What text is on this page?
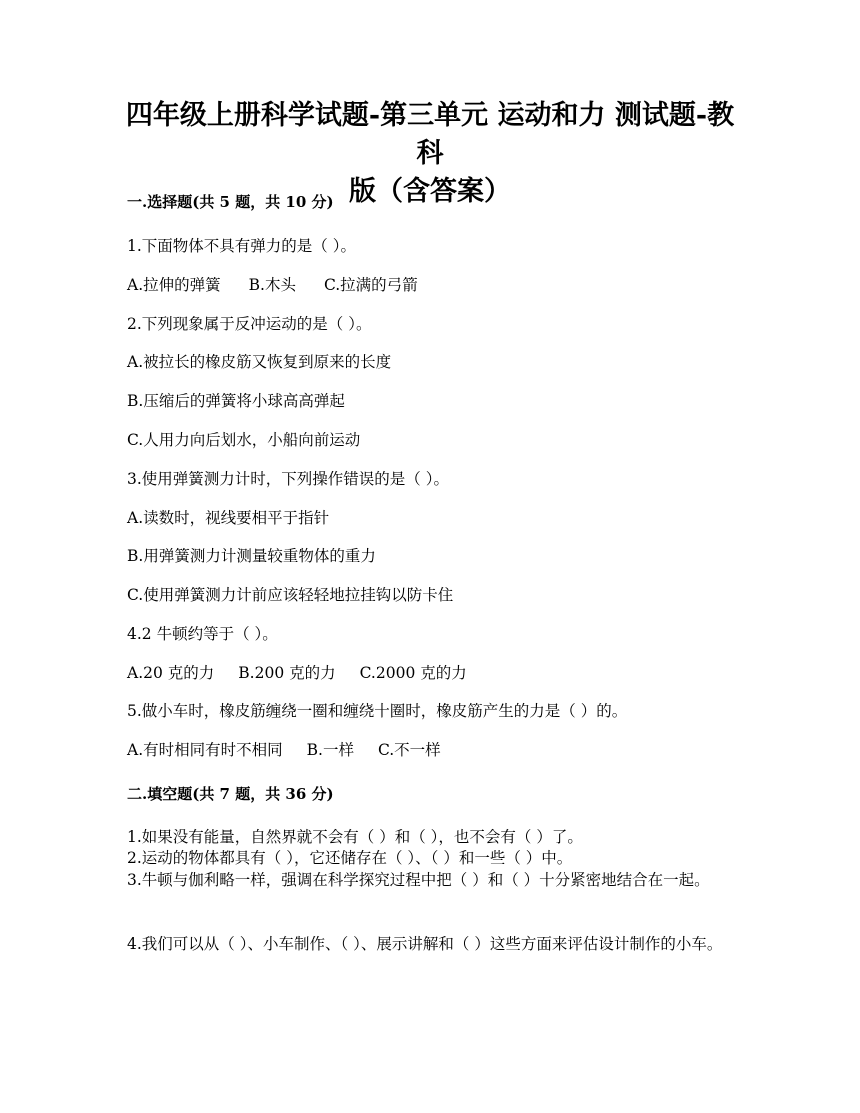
四年级上册科学试题-第三单元 运动和力 测试题-教科
版（含答案）
一.选择题(共 5 题，共 10 分)
1.下面物体不具有弹力的是（ ）。
A.拉伸的弹簧 B.木头 C.拉满的弓箭
2.下列现象属于反冲运动的是（ ）。
A.被拉长的橡皮筋又恢复到原来的长度
B.压缩后的弹簧将小球高高弹起
C.人用力向后划水，小船向前运动
3.使用弹簧测力计时，下列操作错误的是（ ）。
A.读数时，视线要相平于指针
B.用弹簧测力计测量较重物体的重力
C.使用弹簧测力计前应该轻轻地拉挂钩以防卡住
4.2 牛顿约等于（ ）。
A.20 克的力 B.200 克的力 C.2000 克的力
5.做小车时，橡皮筋缠绕一圈和缠绕十圈时，橡皮筋产生的力是（ ）的。
A.有时相同有时不相同 B.一样 C.不一样
二.填空题(共 7 题，共 36 分)
1.如果没有能量，自然界就不会有（ ）和（ ），也不会有（ ）了。
2.运动的物体都具有（ ），它还储存在（ ）、（ ）和一些（ ）中。
3.牛顿与伽利略一样，强调在科学探究过程中把（ ）和（ ）十分紧密地结合在一起。
4.我们可以从（ ）、小车制作、（ ）、展示讲解和（ ）这些方面来评估设计制作的小车。
